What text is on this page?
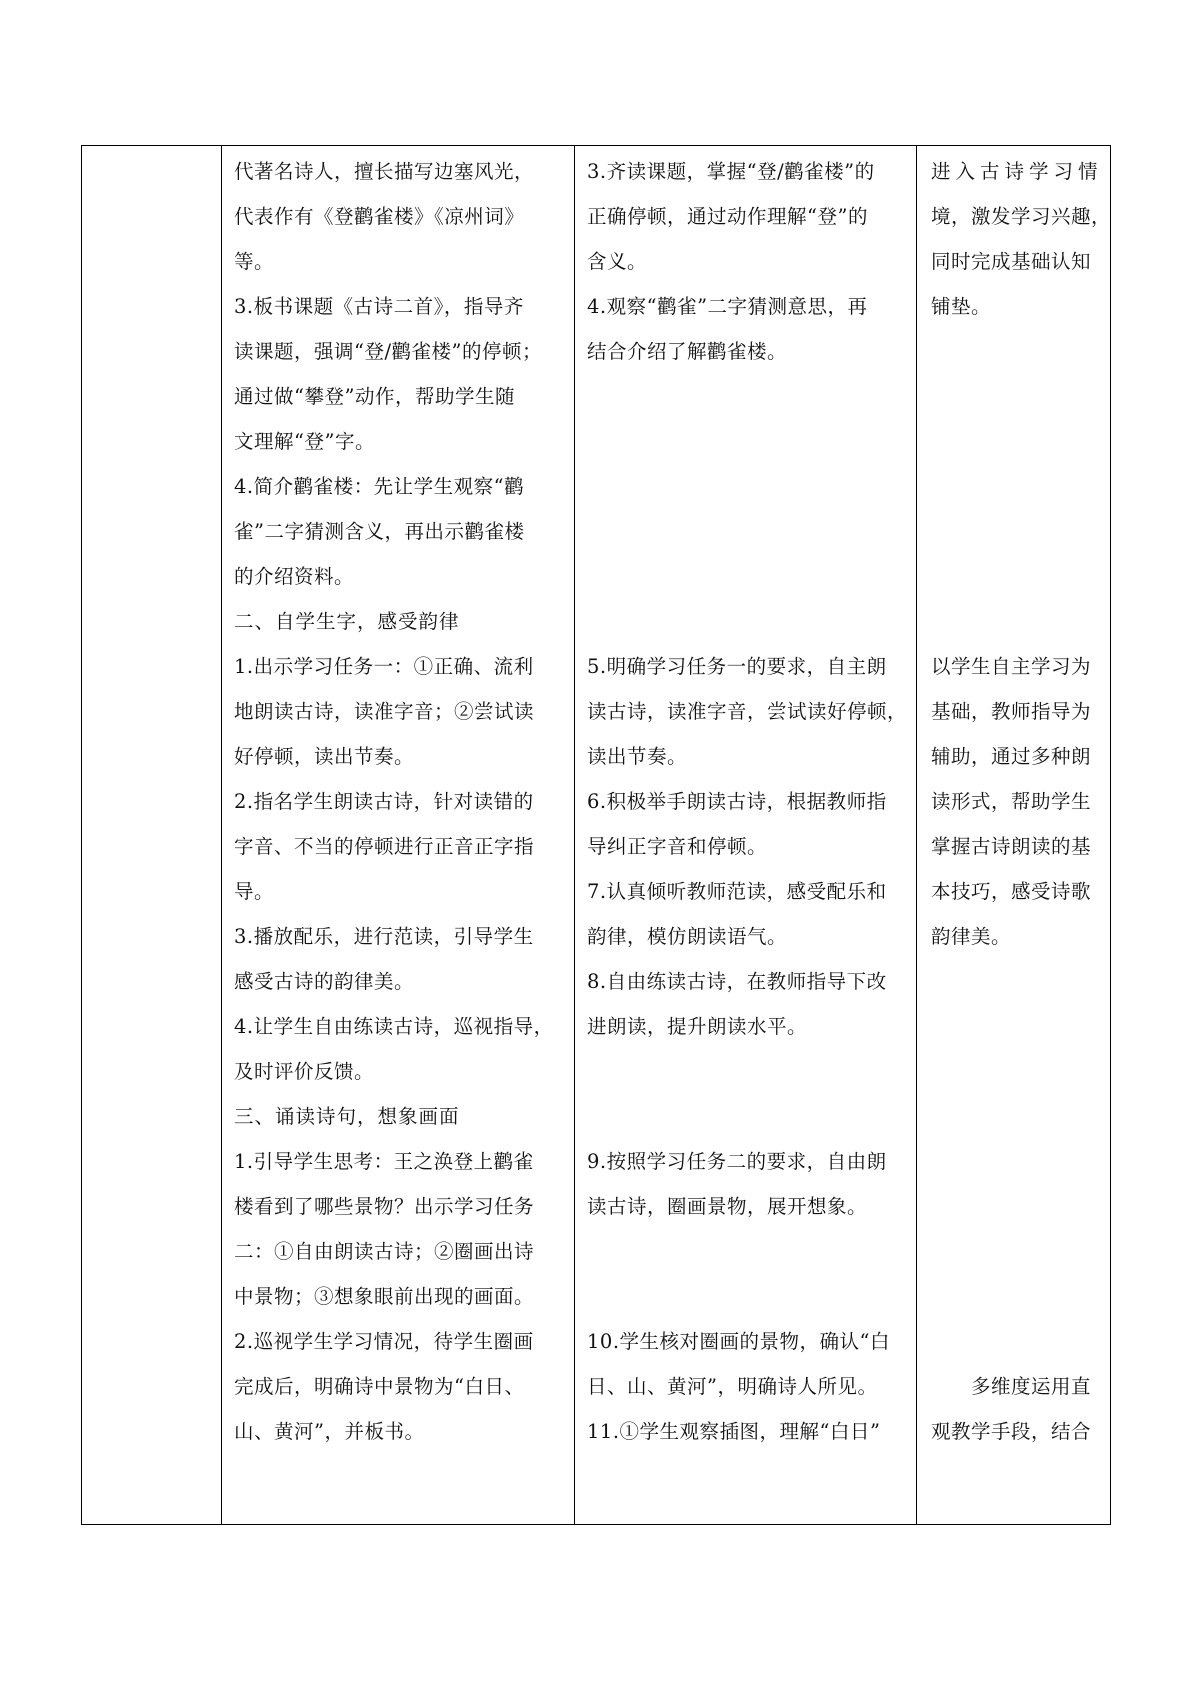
代著名诗人，擅长描写边塞风光，

代表作有《登鹳雀楼》《凉州词》

等。

3.板书课题《古诗二首》，指导齐

读课题，强调“登/鹳雀楼”的停顿；

通过做“攀登”动作，帮助学生随

文理解“登”字。

4.简介鹳雀楼：先让学生观察“鹳

雀”二字猜测含义，再出示鹳雀楼

的介绍资料。

二、自学生字，感受韵律

1.出示学习任务一：①正确、流利

地朗读古诗，读准字音；②尝试读

好停顿，读出节奏。

2.指名学生朗读古诗，针对读错的

字音、不当的停顿进行正音正字指

导。

3.播放配乐，进行范读，引导学生

感受古诗的韵律美。

4.让学生自由练读古诗，巡视指导，

及时评价反馈。

三、诵读诗句，想象画面

1.引导学生思考：王之涣登上鹳雀

楼看到了哪些景物？出示学习任务

二：①自由朗读古诗；②圈画出诗

中景物；③想象眼前出现的画面。

2.巡视学生学习情况，待学生圈画

完成后，明确诗中景物为“白日、

山、黄河”，并板书。

3.齐读课题，掌握“登/鹳雀楼”的

正确停顿，通过动作理解“登”的

含义。

4.观察“鹳雀”二字猜测意思，再

结合介绍了解鹳雀楼。

5.明确学习任务一的要求，自主朗

读古诗，读准字音，尝试读好停顿，

读出节奏。

6.积极举手朗读古诗，根据教师指

导纠正字音和停顿。

7.认真倾听教师范读，感受配乐和

韵律，模仿朗读语气。

8.自由练读古诗，在教师指导下改

进朗读，提升朗读水平。

9.按照学习任务二的要求，自由朗

读古诗，圈画景物，展开想象。

10.学生核对圈画的景物，确认“白

日、山、黄河”，明确诗人所见。

11.①学生观察插图，理解“白日”

进入古诗学习情

境，激发学习兴趣，

同时完成基础认知

铺垫。

以学生自主学习为

基础，教师指导为

辅助，通过多种朗

读形式，帮助学生

掌握古诗朗读的基

本技巧，感受诗歌

韵律美。

多维度运用直

观教学手段，结合
